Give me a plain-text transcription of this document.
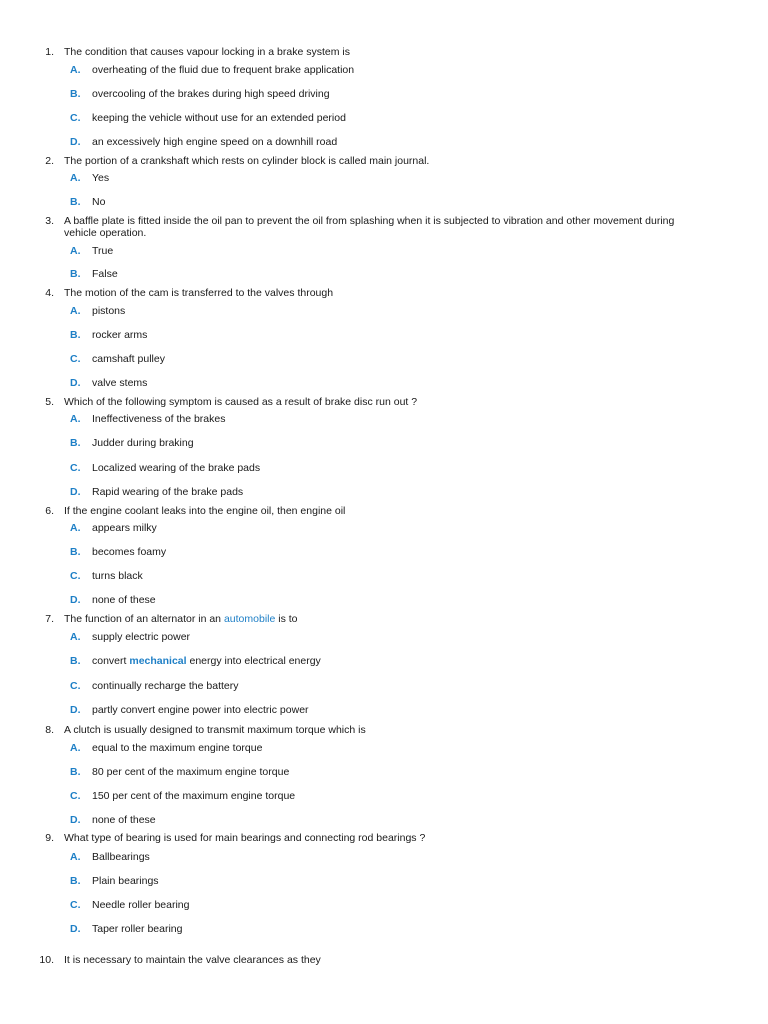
1. The condition that causes vapour locking in a brake system is
A. overheating of the fluid due to frequent brake application
B. overcooling of the brakes during high speed driving
C. keeping the vehicle without use for an extended period
D. an excessively high engine speed on a downhill road
2. The portion of a crankshaft which rests on cylinder block is called main journal.
A. Yes
B. No
3. A baffle plate is fitted inside the oil pan to prevent the oil from splashing when it is subjected to vibration and other movement during vehicle operation.
A. True
B. False
4. The motion of the cam is transferred to the valves through
A. pistons
B. rocker arms
C. camshaft pulley
D. valve stems
5. Which of the following symptom is caused as a result of brake disc run out ?
A. Ineffectiveness of the brakes
B. Judder during braking
C. Localized wearing of the brake pads
D. Rapid wearing of the brake pads
6. If the engine coolant leaks into the engine oil, then engine oil
A. appears milky
B. becomes foamy
C. turns black
D. none of these
7. The function of an alternator in an automobile is to
A. supply electric power
B. convert mechanical energy into electrical energy
C. continually recharge the battery
D. partly convert engine power into electric power
8. A clutch is usually designed to transmit maximum torque which is
A. equal to the maximum engine torque
B. 80 per cent of the maximum engine torque
C. 150 per cent of the maximum engine torque
D. none of these
9. What type of bearing is used for main bearings and connecting rod bearings ?
A. Ballbearings
B. Plain bearings
C. Needle roller bearing
D. Taper roller bearing
10. It is necessary to maintain the valve clearances as they
